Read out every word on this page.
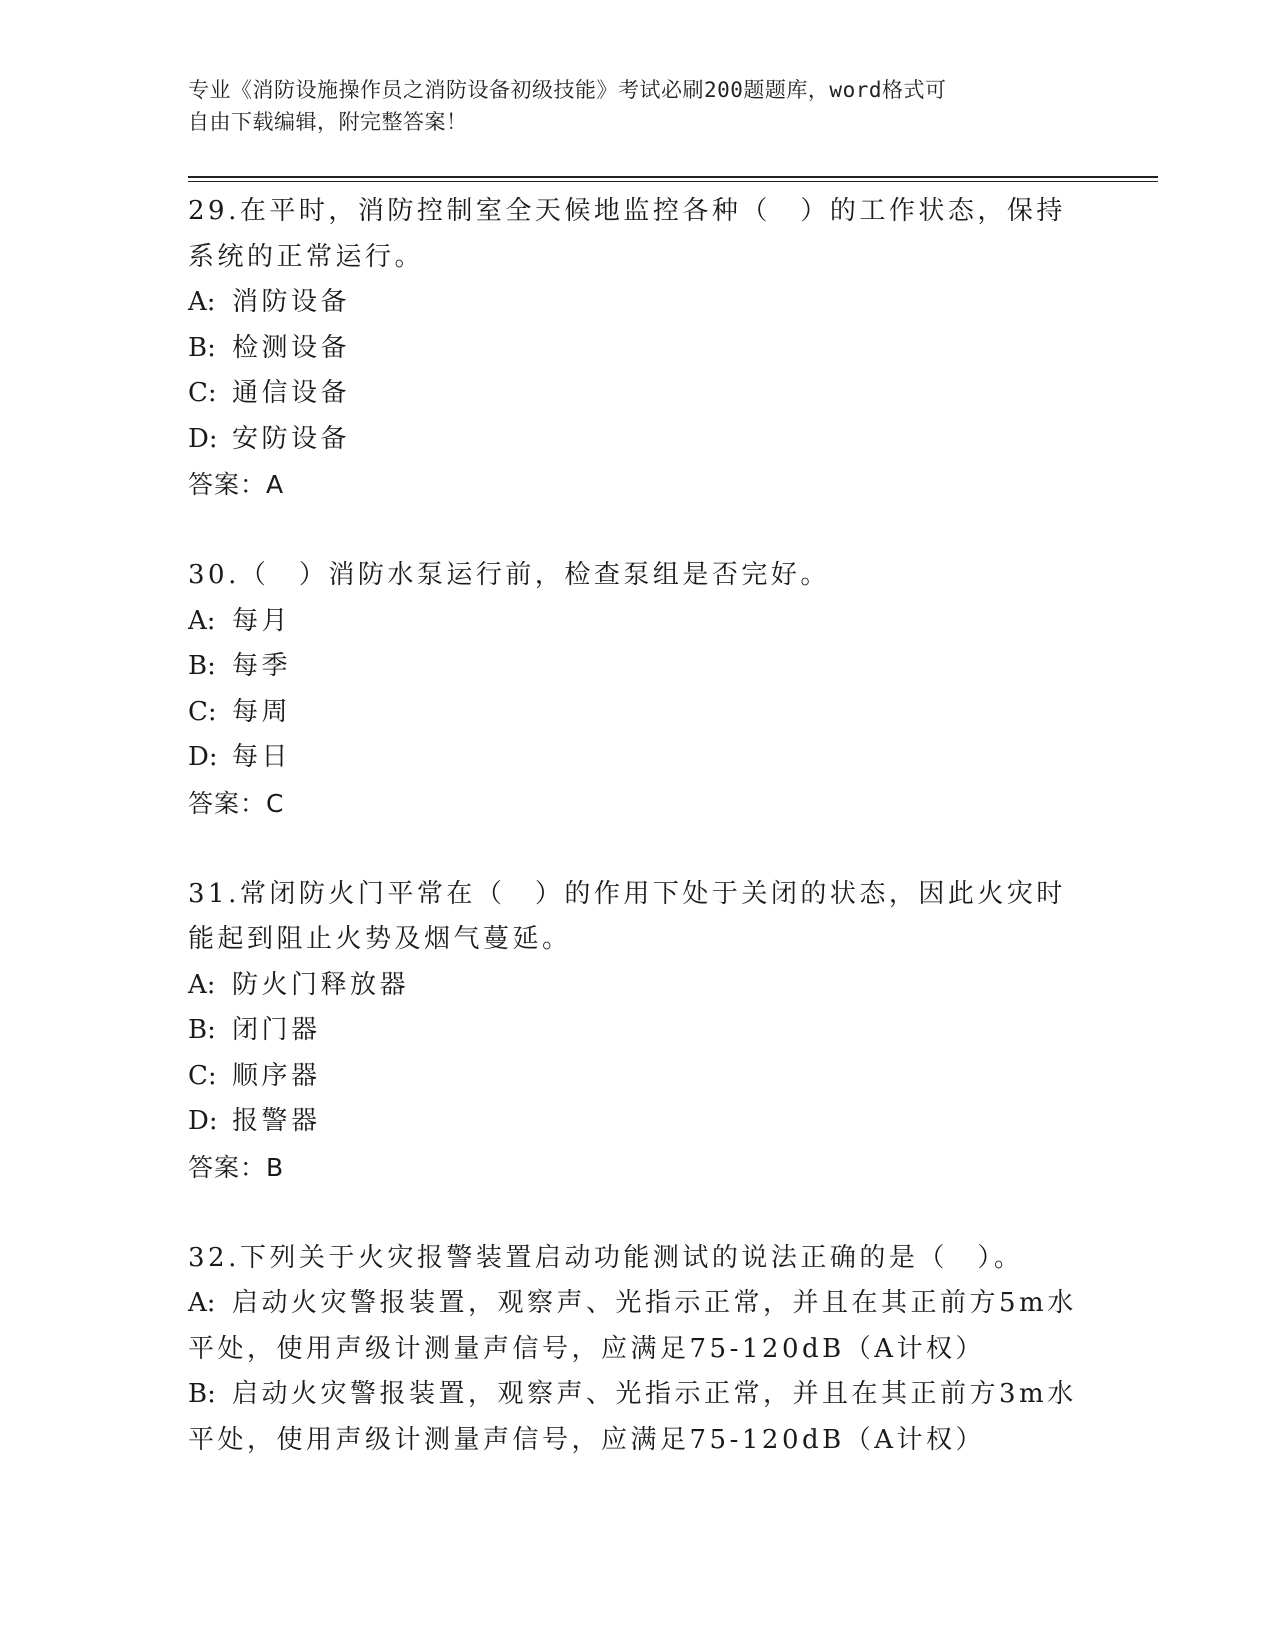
专业《消防设施操作员之消防设备初级技能》考试必刷200题题库，word格式可
自由下载编辑，附完整答案！
29.在平时，消防控制室全天候地监控各种（　）的工作状态，保持系统的正常运行。
A: 消防设备
B: 检测设备
C: 通信设备
D: 安防设备
答案：A
30.（　）消防水泵运行前，检查泵组是否完好。
A: 每月
B: 每季
C: 每周
D: 每日
答案：C
31.常闭防火门平常在（　）的作用下处于关闭的状态，因此火灾时能起到阻止火势及烟气蔓延。
A: 防火门释放器
B: 闭门器
C: 顺序器
D: 报警器
答案：B
32.下列关于火灾报警装置启动功能测试的说法正确的是（　）。
A: 启动火灾警报装置，观察声、光指示正常，并且在其正前方5m水
平处，使用声级计测量声信号，应满足75-120dB（A计权）
B: 启动火灾警报装置，观察声、光指示正常，并且在其正前方3m水
平处，使用声级计测量声信号，应满足75-120dB（A计权）
